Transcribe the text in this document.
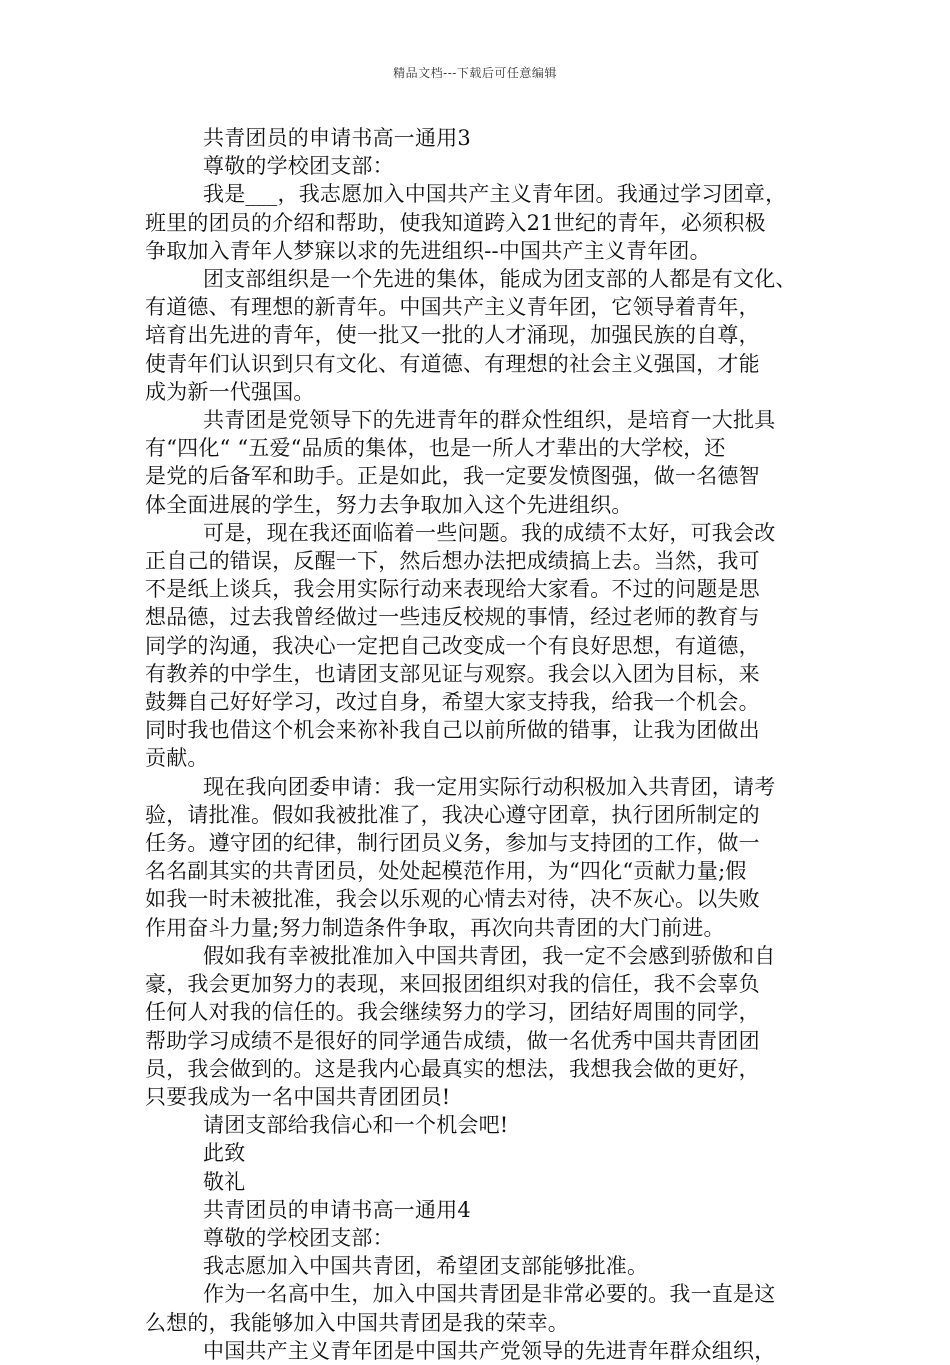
精品文档---下载后可任意编辑
共青团员的申请书高一通用3
尊敬的学校团支部：
我是___，我志愿加入中国共产主义青年团。我通过学习团章，
班里的团员的介绍和帮助，使我知道跨入21世纪的青年，必须积极
争取加入青年人梦寐以求的先进组织--中国共产主义青年团。
团支部组织是一个先进的集体，能成为团支部的人都是有文化、
有道德、有理想的新青年。中国共产主义青年团，它领导着青年，
培育出先进的青年，使一批又一批的人才涌现，加强民族的自尊，
使青年们认识到只有文化、有道德、有理想的社会主义强国，才能
成为新一代强国。
共青团是党领导下的先进青年的群众性组织，是培育一大批具
有“四化“ “五爱“品质的集体，也是一所人才辈出的大学校，还
是党的后备军和助手。正是如此，我一定要发愤图强，做一名德智
体全面进展的学生，努力去争取加入这个先进组织。
可是，现在我还面临着一些问题。我的成绩不太好，可我会改
正自己的错误，反醒一下，然后想办法把成绩搞上去。当然，我可
不是纸上谈兵，我会用实际行动来表现给大家看。不过的问题是思
想品德，过去我曾经做过一些违反校规的事情，经过老师的教育与
同学的沟通，我决心一定把自己改变成一个有良好思想，有道德，
有教养的中学生，也请团支部见证与观察。我会以入团为目标，来
鼓舞自己好好学习，改过自身，希望大家支持我，给我一个机会。
同时我也借这个机会来祢补我自己以前所做的错事，让我为团做出
贡献。
现在我向团委申请：我一定用实际行动积极加入共青团，请考
验，请批准。假如我被批准了，我决心遵守团章，执行团所制定的
任务。遵守团的纪律，制行团员义务，参加与支持团的工作，做一
名名副其实的共青团员，处处起模范作用，为“四化“贡献力量;假
如我一时未被批准，我会以乐观的心情去对待，决不灰心。以失败
作用奋斗力量;努力制造条件争取，再次向共青团的大门前进。
假如我有幸被批准加入中国共青团，我一定不会感到骄傲和自
豪，我会更加努力的表现，来回报团组织对我的信任，我不会辜负
任何人对我的信任的。我会继续努力的学习，团结好周围的同学，
帮助学习成绩不是很好的同学通告成绩，做一名优秀中国共青团团
员，我会做到的。这是我内心最真实的想法，我想我会做的更好，
只要我成为一名中国共青团团员!
请团支部给我信心和一个机会吧!
此致
敬礼
共青团员的申请书高一通用4
尊敬的学校团支部：
我志愿加入中国共青团，希望团支部能够批准。
作为一名高中生，加入中国共青团是非常必要的。我一直是这
么想的，我能够加入中国共青团是我的荣幸。
中国共产主义青年团是中国共产党领导的先进青年群众组织，
